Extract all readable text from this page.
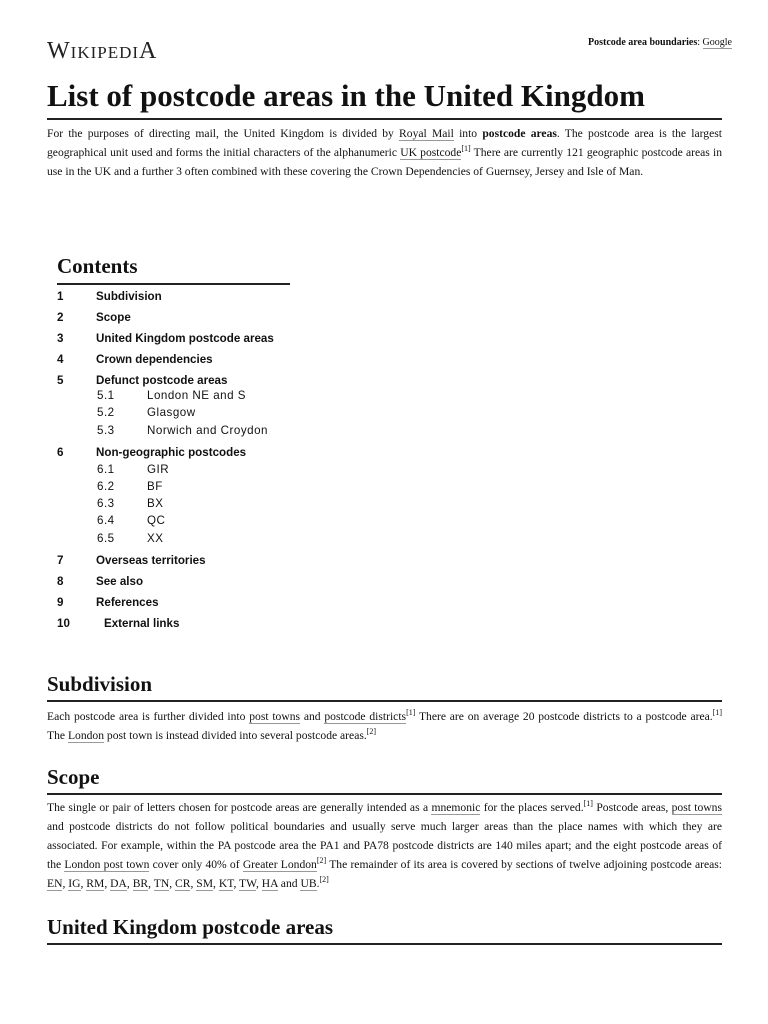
WIKIPEDIA	Postcode area boundaries: Google
List of postcode areas in the United Kingdom

For the purposes of directing mail, the United Kingdom is divided by Royal Mail into postcode areas. The postcode area is the largest geographical unit used and forms the initial characters of the alphanumeric UK postcode[1] There are currently 121 geographic postcode areas in use in the UK and a further 3 often combined with these covering the Crown Dependencies of Guernsey, Jersey and Isle of Man.

Contents
1	Subdivision
2	Scope
3	United Kingdom postcode areas
4	Crown dependencies
5	Defunct postcode areas
5.1	London NE and S
5.2	Glasgow
5.3	Norwich and Croydon
6	Non-geographic postcodes
6.1	GIR
6.2	BF
6.3	BX
6.4	QC
6.5	XX
7	Overseas territories
8	See also
9	References
10	External links
Subdivision

Each postcode area is further divided into post towns and postcode districts[1] There are on average 20 postcode districts to a postcode area.[1] The London post town is instead divided into several postcode areas.[2]

Scope

The single or pair of letters chosen for postcode areas are generally intended as a mnemonic for the places served.[1] Postcode areas, post towns and postcode districts do not follow political boundaries and usually serve much larger areas than the place names with which they are associated. For example, within the PA postcode area the PA1 and PA78 postcode districts are 140 miles apart; and the eight postcode areas of the London post town cover only 40% of Greater London[2] The remainder of its area is covered by sections of twelve adjoining postcode areas: EN, IG, RM, DA, BR, TN, CR, SM, KT, TW, HA and UB.[2]

United Kingdom postcode areas
